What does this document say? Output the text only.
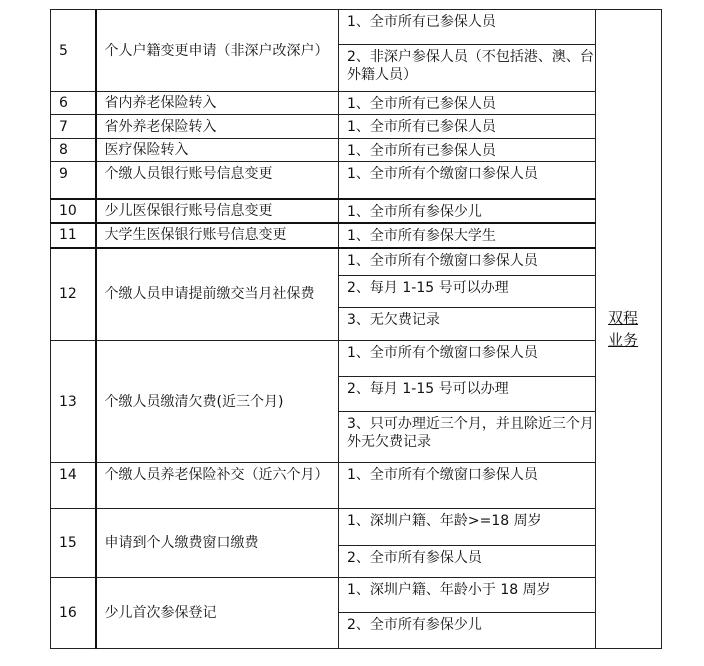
5	个人户籍变更申请（非深户改深户）	1、全市所有已参保人员	双程业务
		2、非深户参保人员（不包括港、澳、台外籍人员）	
6	省内养老保险转入	1、全市所有已参保人员	
7	省外养老保险转入	1、全市所有已参保人员	
8	医疗保险转入	1、全市所有已参保人员	
9	个缴人员银行账号信息变更	1、全市所有个缴窗口参保人员	
10	少儿医保银行账号信息变更	1、全市所有参保少儿	
11	大学生医保银行账号信息变更	1、全市所有参保大学生	
12	个缴人员申请提前缴交当月社保费	1、全市所有个缴窗口参保人员	
		2、每月 1-15 号可以办理	
		3、无欠费记录	
13	个缴人员缴清欠费(近三个月)	1、全市所有个缴窗口参保人员	
		2、每月 1-15 号可以办理	
		3、只可办理近三个月，并且除近三个月外无欠费记录	
14	个缴人员养老保险补交（近六个月）	1、全市所有个缴窗口参保人员	
15	申请到个人缴费窗口缴费	1、深圳户籍、年龄>=18 周岁	
		2、全市所有参保人员	
16	少儿首次参保登记	1、深圳户籍、年龄小于 18 周岁	
		2、全市所有参保少儿	
